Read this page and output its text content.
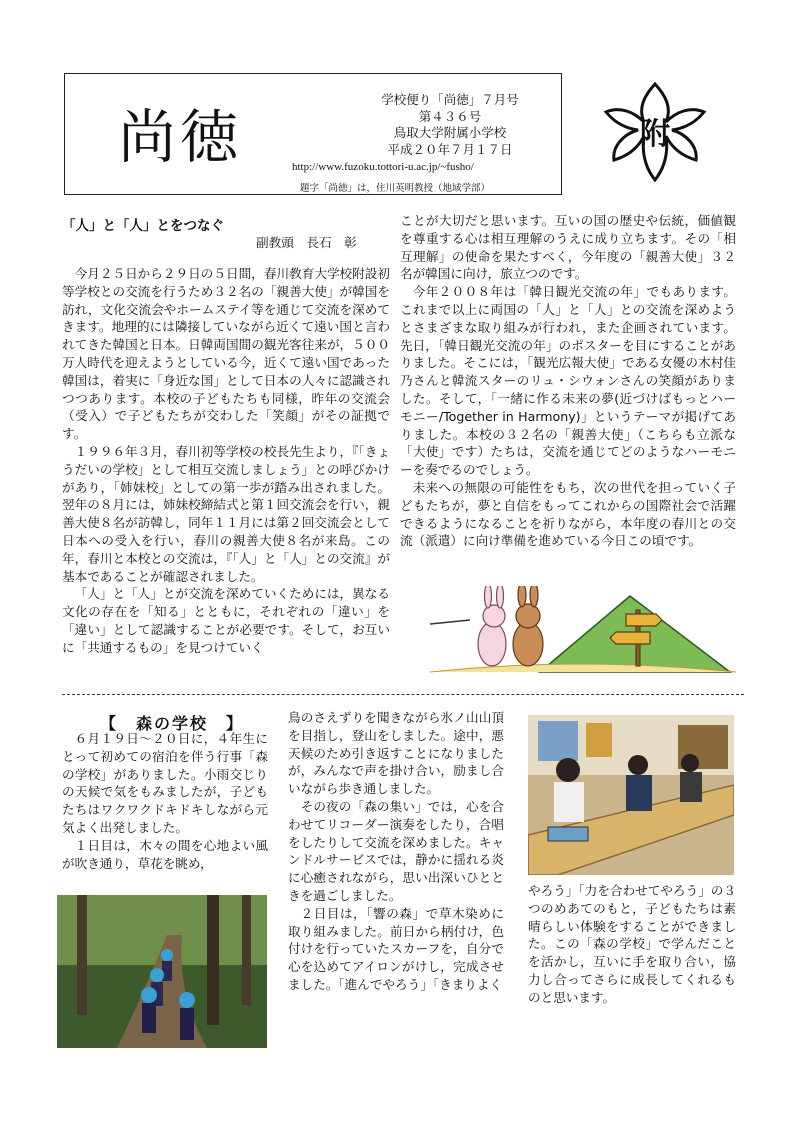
尚徳
学校便り「尚徳」７月号
第４３６号
鳥取大学附属小学校
平成２０年７月１７日
http://www.fuzoku.tottori-u.ac.jp/~fusho/
題字「尚徳」は，住川英明教授（地域学部）
附
「人」と「人」とをつなぐ
副教頭　長石　彰

今月２５日から２９日の５日間，春川教育大学校附設初等学校との交流を行うため３２名の「親善大使」が韓国を訪れ，文化交流会やホームステイ等を通じて交流を深めてきます。地理的には隣接していながら近くて遠い国と言われてきた韓国と日本。日韓両国間の観光客往来が，５００万人時代を迎えようとしている今，近くて遠い国であった韓国は，着実に「身近な国」として日本の人々に認識されつつあります。本校の子どもたちも同様，昨年の交流会（受入）で子どもたちが交わした「笑顔」がその証拠です。

１９９６年３月，春川初等学校の校長先生より，『「きょうだいの学校」として相互交流しましょう」との呼びかけがあり，「姉妹校」としての第一歩が踏み出されました。翌年の８月には，姉妹校締結式と第１回交流会を行い，親善大使８名が訪韓し，同年１１月には第２回交流会として日本への受入を行い，春川の親善大使８名が来島。この年，春川と本校との交流は，『「人」と「人」との交流』が基本であることが確認されました。

「人」と「人」とが交流を深めていくためには，異なる文化の存在を「知る」とともに，それぞれの「違い」を「違い」として認識することが必要です。そして，お互いに「共通するもの」を見つけていく

ことが大切だと思います。互いの国の歴史や伝統，価値観を尊重する心は相互理解のうえに成り立ちます。その「相互理解」の使命を果たすべく，今年度の「親善大使」３２名が韓国に向け，旅立つのです。

今年２００８年は「韓日観光交流の年」でもあります。これまで以上に両国の「人」と「人」との交流を深めようとさまざまな取り組みが行われ，また企画されています。先日，「韓日観光交流の年」のポスターを目にすることがありました。そこには，「観光広報大使」である女優の木村佳乃さんと韓流スターのリュ・シウォンさんの笑顔がありました。そして，「一緒に作る未来の夢(近づけばもっとハーモニー/Together in Harmony)」というテーマが掲げてありました。本校の３２名の「親善大使」（こちらも立派な「大使」です）たちは，交流を通じてどのようなハーモニーを奏でるのでしょう。

未来への無限の可能性をもち，次の世代を担っていく子どもたちが，夢と自信をもってこれからの国際社会で活躍できるようになることを祈りながら，本年度の春川との交流（派遣）に向け準備を進めている今日この頃です。

【　森の学校　】

６月１９日～２０日に，４年生にとって初めての宿泊を伴う行事「森の学校」がありました。小雨交じりの天候で気をもみましたが，子どもたちはワクワクドキドキしながら元気よく出発しました。

１日目は，木々の間を心地よい風が吹き通り，草花を眺め，

鳥のさえずりを聞きながら氷ノ山山頂を目指し，登山をしました。途中，悪天候のため引き返すことになりましたが，みんなで声を掛け合い，励まし合いながら歩き通しました。

その夜の「森の集い」では，心を合わせてリコーダー演奏をしたり，合唱をしたりして交流を深めました。キャンドルサービスでは，静かに揺れる炎に心癒されながら，思い出深いひとときを過ごしました。

２日目は，「響の森」で草木染めに取り組みました。前日から柄付け，色付けを行っていたスカーフを，自分で心を込めてアイロンがけし，完成させました。「進んでやろう」「きまりよく

やろう」「力を合わせてやろう」の３つのめあてのもと，子どもたちは素晴らしい体験をすることができました。この「森の学校」で学んだことを活かし，互いに手を取り合い，協力し合ってさらに成長してくれるものと思います。
